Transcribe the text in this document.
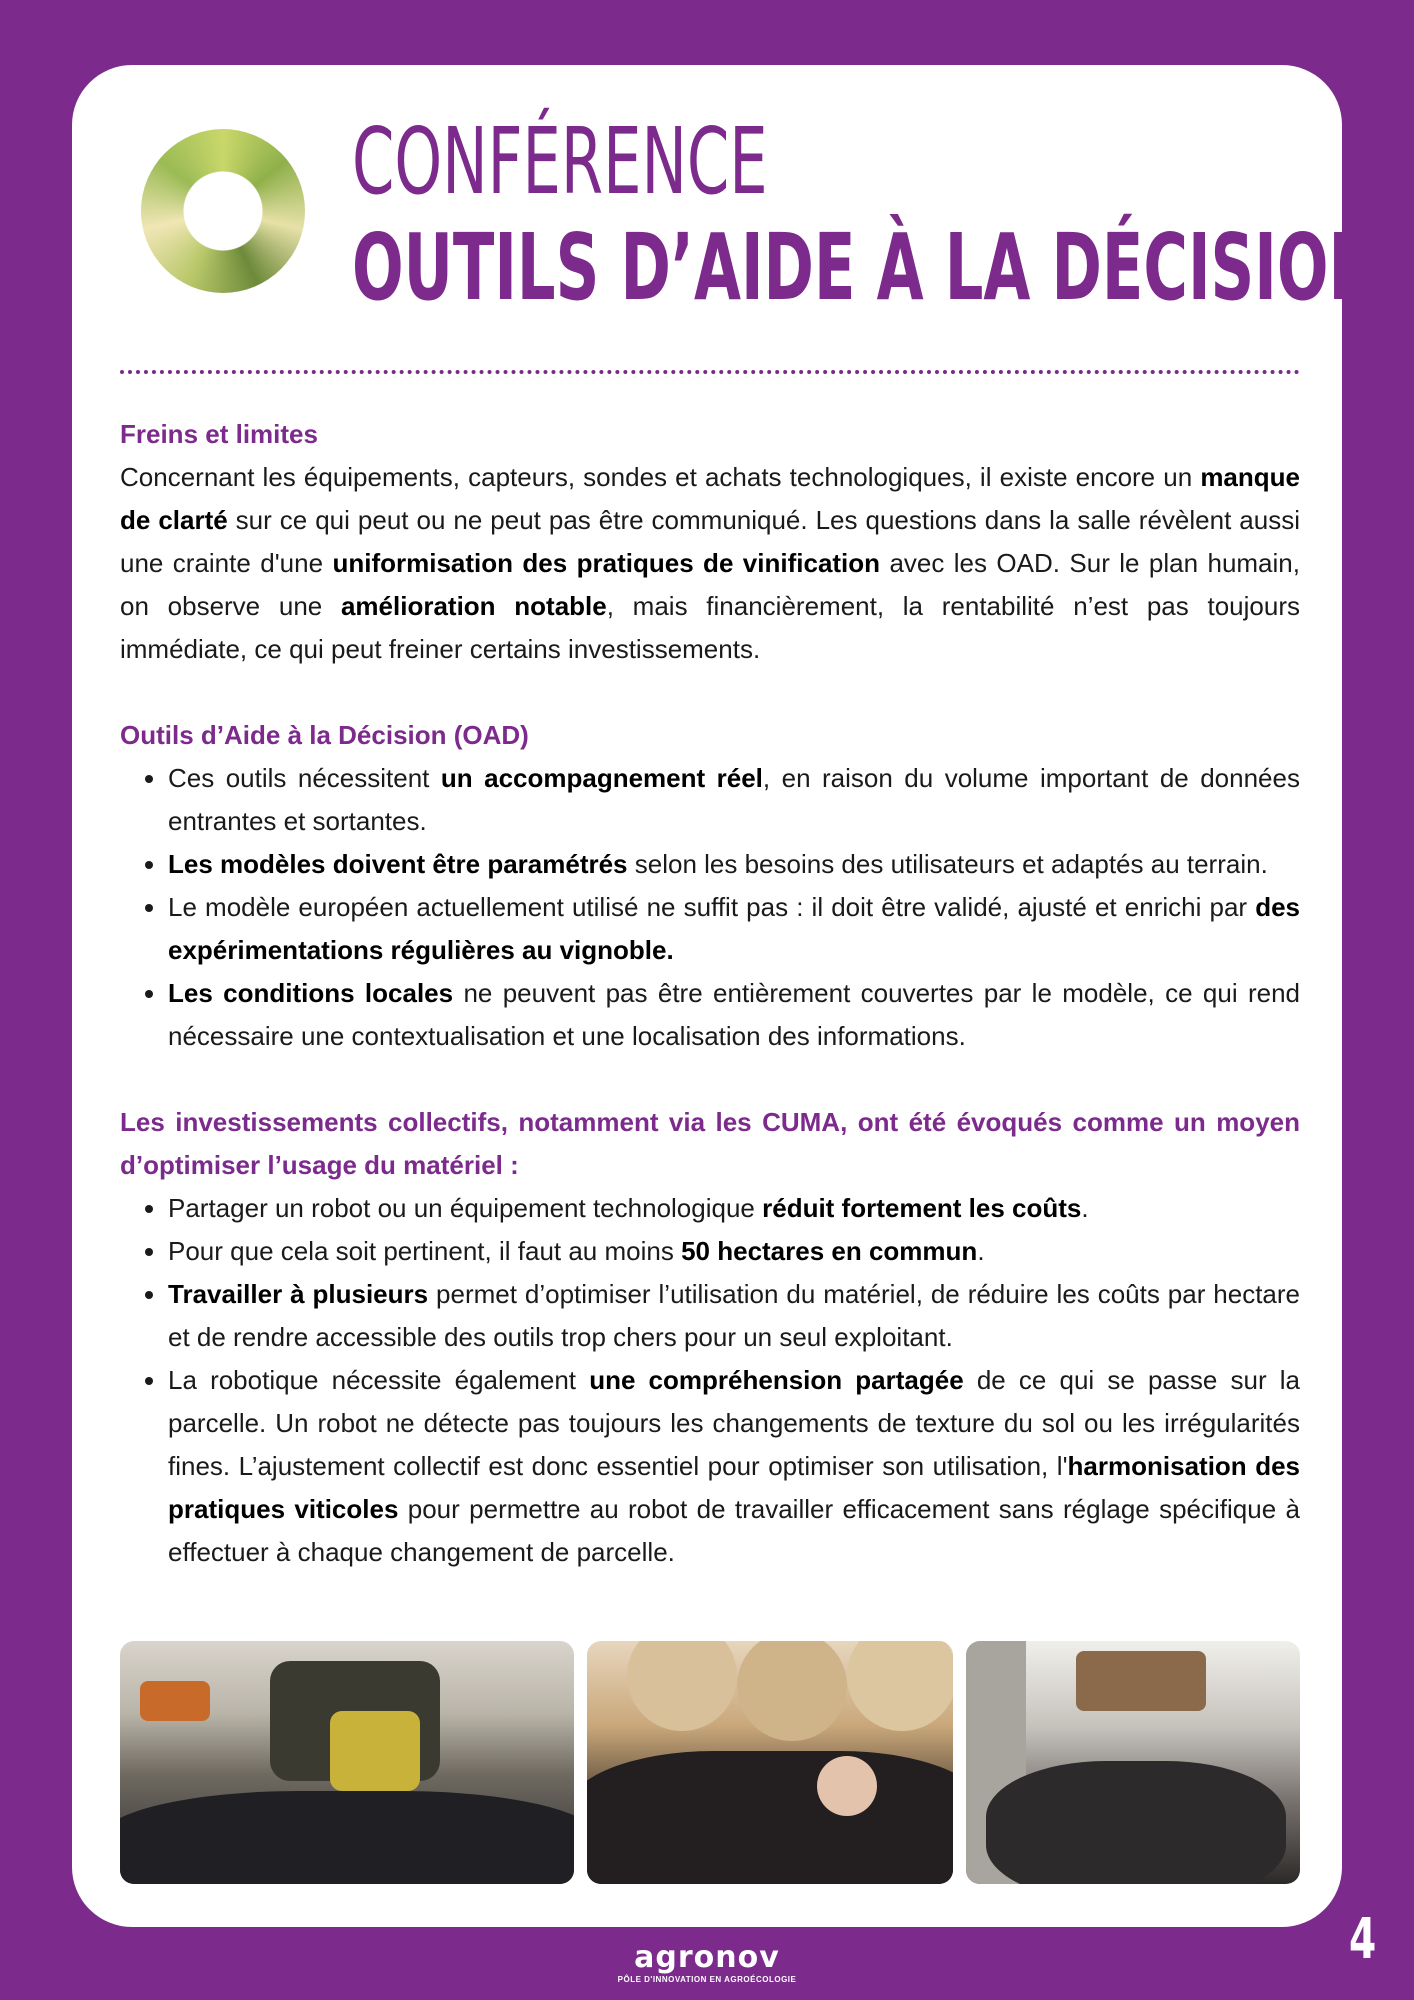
CONFÉRENCE
OUTILS D’AIDE À LA DÉCISION
Freins et limites

Concernant les équipements, capteurs, sondes et achats technologiques, il existe encore un manque de clarté sur ce qui peut ou ne peut pas être communiqué. Les questions dans la salle révèlent aussi une crainte d'une uniformisation des pratiques de vinification avec les OAD. Sur le plan humain, on observe une amélioration notable, mais financièrement, la rentabilité n’est pas toujours immédiate, ce qui peut freiner certains investissements.

Outils d’Aide à la Décision (OAD)
• Ces outils nécessitent un accompagnement réel, en raison du volume important de données entrantes et sortantes.
• Les modèles doivent être paramétrés selon les besoins des utilisateurs et adaptés au terrain.
• Le modèle européen actuellement utilisé ne suffit pas : il doit être validé, ajusté et enrichi par des expérimentations régulières au vignoble.
• Les conditions locales ne peuvent pas être entièrement couvertes par le modèle, ce qui rend nécessaire une contextualisation et une localisation des informations.
Les investissements collectifs, notamment via les CUMA, ont été évoqués comme un moyen d’optimiser l’usage du matériel :
• Partager un robot ou un équipement technologique réduit fortement les coûts.
• Pour que cela soit pertinent, il faut au moins 50 hectares en commun.
• Travailler à plusieurs permet d’optimiser l’utilisation du matériel, de réduire les coûts par hectare et de rendre accessible des outils trop chers pour un seul exploitant.
• La robotique nécessite également une compréhension partagée de ce qui se passe sur la parcelle. Un robot ne détecte pas toujours les changements de texture du sol ou les irrégularités fines. L’ajustement collectif est donc essentiel pour optimiser son utilisation, l'harmonisation des pratiques viticoles pour permettre au robot de travailler efficacement sans réglage spécifique à effectuer à chaque changement de parcelle.
agronov
PÔLE D'INNOVATION EN AGROÉCOLOGIE
4
